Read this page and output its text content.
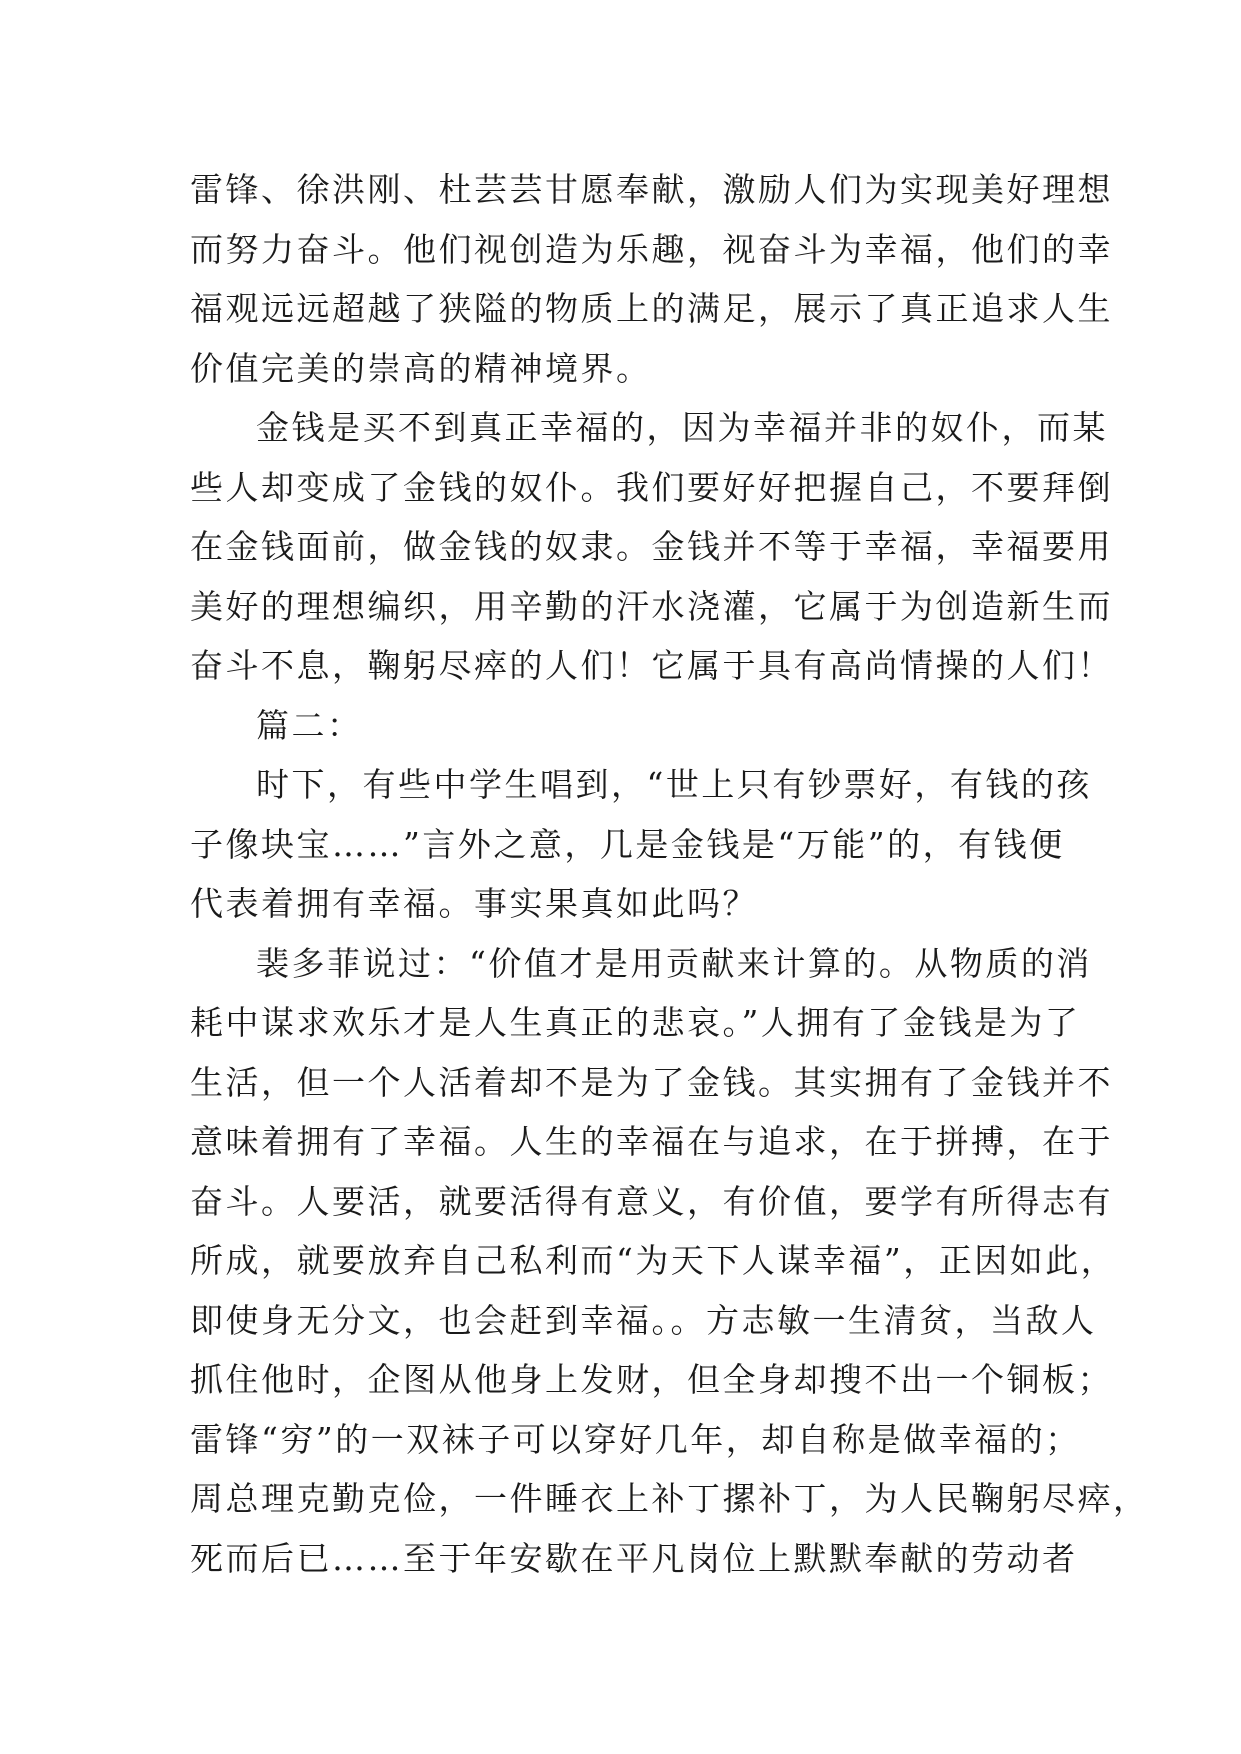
雷锋、徐洪刚、杜芸芸甘愿奉献，激励人们为实现美好理想
而努力奋斗。他们视创造为乐趣，视奋斗为幸福，他们的幸
福观远远超越了狭隘的物质上的满足，展示了真正追求人生
价值完美的崇高的精神境界。

金钱是买不到真正幸福的，因为幸福并非的奴仆，而某
些人却变成了金钱的奴仆。我们要好好把握自己，不要拜倒
在金钱面前，做金钱的奴隶。金钱并不等于幸福，幸福要用
美好的理想编织，用辛勤的汗水浇灌，它属于为创造新生而
奋斗不息，鞠躬尽瘁的人们！它属于具有高尚情操的人们！

篇二：

时下，有些中学生唱到，“世上只有钞票好，有钱的孩
子像块宝……”言外之意，几是金钱是“万能”的，有钱便
代表着拥有幸福。事实果真如此吗？

裴多菲说过：“价值才是用贡献来计算的。从物质的消
耗中谋求欢乐才是人生真正的悲哀。”人拥有了金钱是为了
生活，但一个人活着却不是为了金钱。其实拥有了金钱并不
意味着拥有了幸福。人生的幸福在与追求，在于拼搏，在于
奋斗。人要活，就要活得有意义，有价值，要学有所得志有
所成，就要放弃自己私利而“为天下人谋幸福”，正因如此，
即使身无分文，也会赶到幸福。。方志敏一生清贫，当敌人
抓住他时，企图从他身上发财，但全身却搜不出一个铜板；
雷锋“穷”的一双袜子可以穿好几年，却自称是做幸福的；
周总理克勤克俭，一件睡衣上补丁摞补丁，为人民鞠躬尽瘁，
死而后已……至于年安歇在平凡岗位上默默奉献的劳动者
